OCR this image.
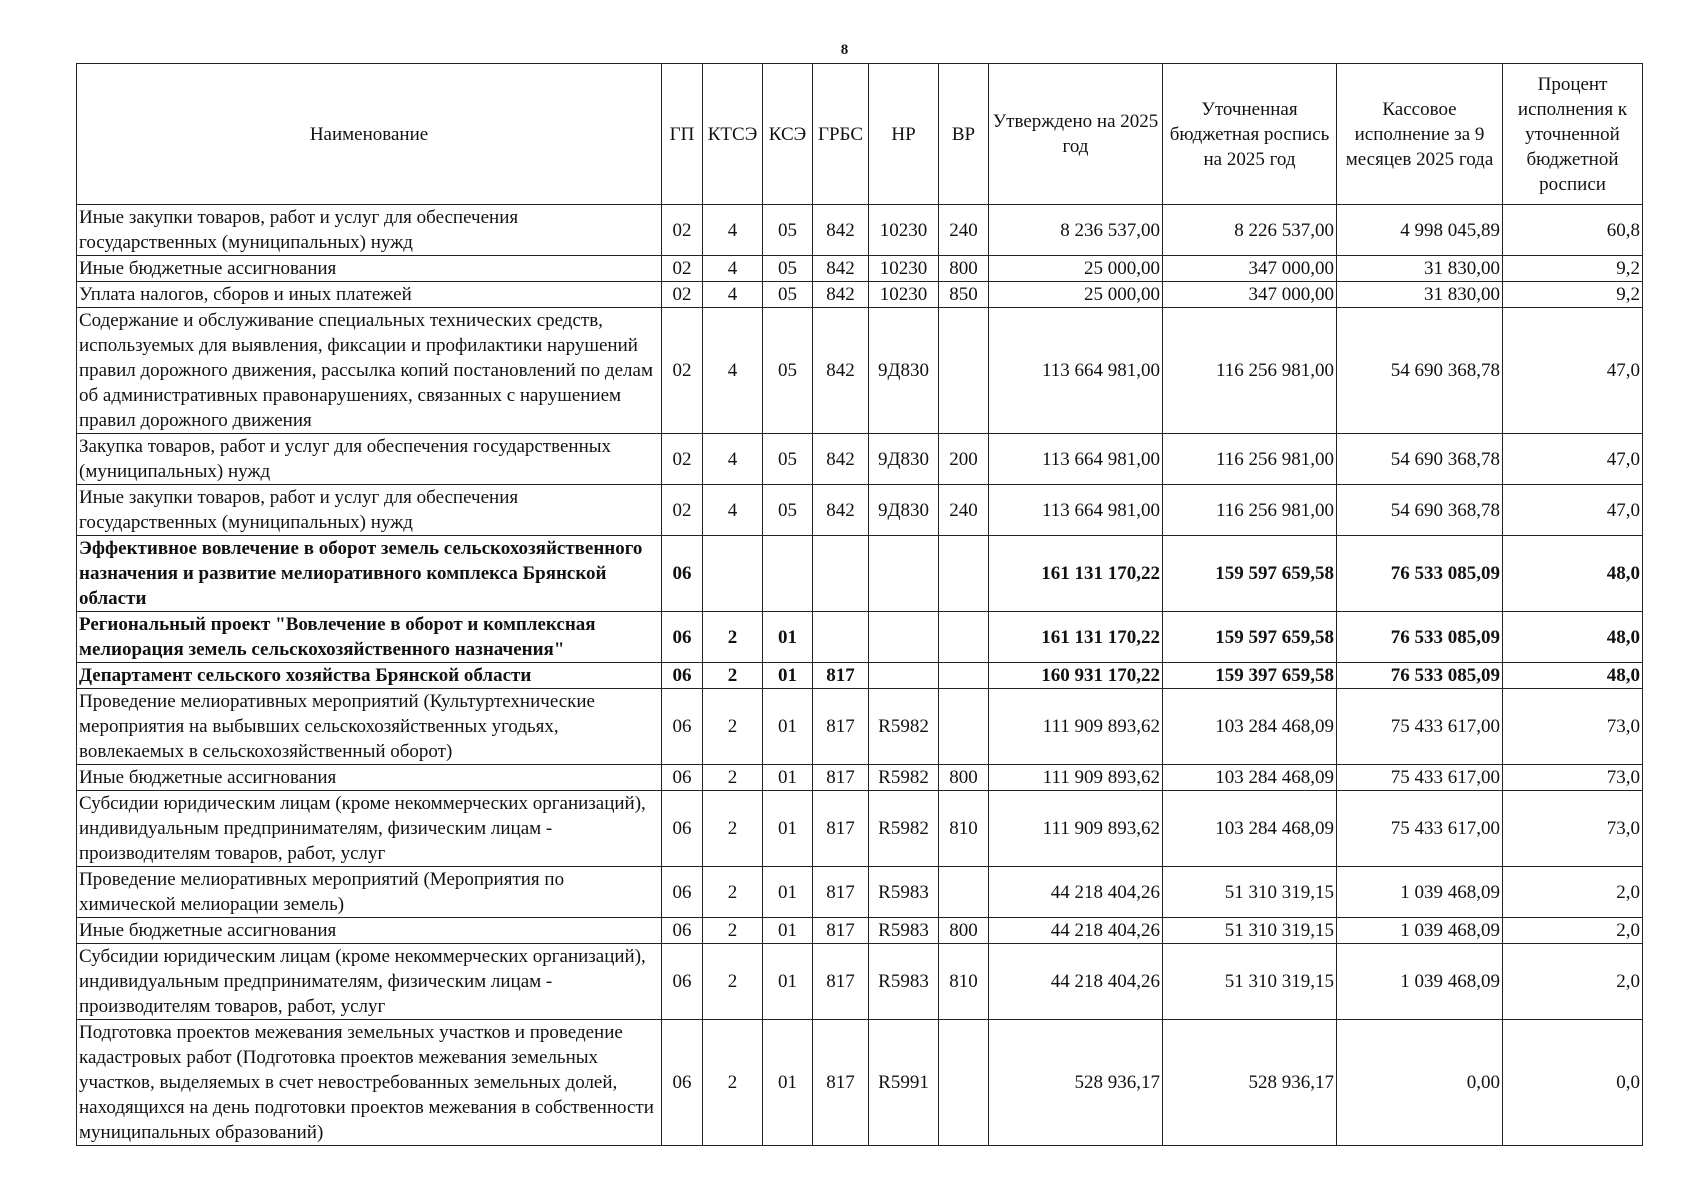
8
Наименование	ГП	КТСЭ	КСЭ	ГРБС	НР	ВР	Утверждено на 2025 год	Уточненная бюджетная роспись на 2025 год	Кассовое исполнение за 9 месяцев 2025 года	Процент исполнения к уточненной бюджетной росписи
Иные закупки товаров, работ и услуг для обеспечения государственных (муниципальных) нужд	02	4	05	842	10230	240	8 236 537,00	8 226 537,00	4 998 045,89	60,8
Иные бюджетные ассигнования	02	4	05	842	10230	800	25 000,00	347 000,00	31 830,00	9,2
Уплата налогов, сборов и иных платежей	02	4	05	842	10230	850	25 000,00	347 000,00	31 830,00	9,2
Содержание и обслуживание специальных технических средств, используемых для выявления, фиксации и профилактики нарушений правил дорожного движения, рассылка копий постановлений по делам об административных правонарушениях, связанных с нарушением правил дорожного движения	02	4	05	842	9Д830		113 664 981,00	116 256 981,00	54 690 368,78	47,0
Закупка товаров, работ и услуг для обеспечения государственных (муниципальных) нужд	02	4	05	842	9Д830	200	113 664 981,00	116 256 981,00	54 690 368,78	47,0
Иные закупки товаров, работ и услуг для обеспечения государственных (муниципальных) нужд	02	4	05	842	9Д830	240	113 664 981,00	116 256 981,00	54 690 368,78	47,0
Эффективное вовлечение в оборот земель сельскохозяйственного назначения и развитие мелиоративного комплекса Брянской области	06						161 131 170,22	159 597 659,58	76 533 085,09	48,0
Региональный проект "Вовлечение в оборот и комплексная мелиорация земель сельскохозяйственного назначения"	06	2	01				161 131 170,22	159 597 659,58	76 533 085,09	48,0
Департамент сельского хозяйства Брянской области	06	2	01	817			160 931 170,22	159 397 659,58	76 533 085,09	48,0
Проведение мелиоративных мероприятий (Культуртехнические мероприятия на выбывших сельскохозяйственных угодьях, вовлекаемых в сельскохозяйственный оборот)	06	2	01	817	R5982		111 909 893,62	103 284 468,09	75 433 617,00	73,0
Иные бюджетные ассигнования	06	2	01	817	R5982	800	111 909 893,62	103 284 468,09	75 433 617,00	73,0
Субсидии юридическим лицам (кроме некоммерческих организаций), индивидуальным предпринимателям, физическим лицам - производителям товаров, работ, услуг	06	2	01	817	R5982	810	111 909 893,62	103 284 468,09	75 433 617,00	73,0
Проведение мелиоративных мероприятий (Мероприятия по химической мелиорации земель)	06	2	01	817	R5983		44 218 404,26	51 310 319,15	1 039 468,09	2,0
Иные бюджетные ассигнования	06	2	01	817	R5983	800	44 218 404,26	51 310 319,15	1 039 468,09	2,0
Субсидии юридическим лицам (кроме некоммерческих организаций), индивидуальным предпринимателям, физическим лицам - производителям товаров, работ, услуг	06	2	01	817	R5983	810	44 218 404,26	51 310 319,15	1 039 468,09	2,0
Подготовка проектов межевания земельных участков и проведение кадастровых работ (Подготовка проектов межевания земельных участков, выделяемых в счет невостребованных земельных долей, находящихся на день подготовки проектов межевания в собственности муниципальных образований)	06	2	01	817	R5991		528 936,17	528 936,17	0,00	0,0
